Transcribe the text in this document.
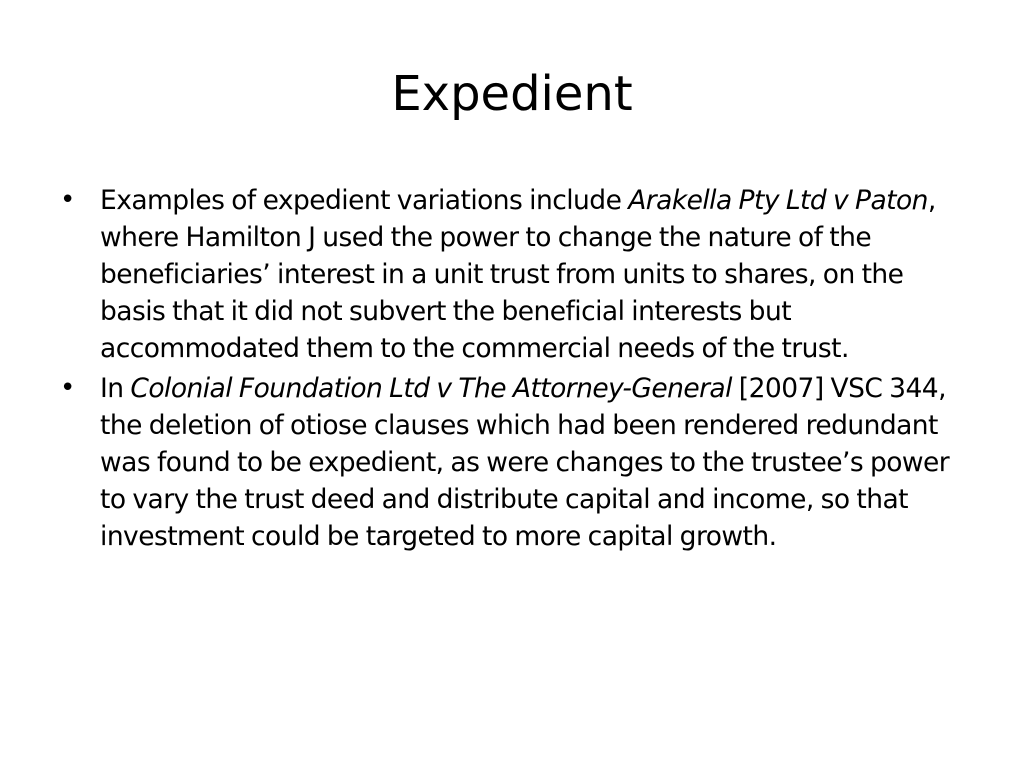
Expedient
• Examples of expedient variations include Arakella Pty Ltd v Paton, where Hamilton J used the power to change the nature of the beneficiaries’ interest in a unit trust from units to shares, on the basis that it did not subvert the beneficial interests but accommodated them to the commercial needs of the trust.
• In Colonial Foundation Ltd v The Attorney-General [2007] VSC 344, the deletion of otiose clauses which had been rendered redundant was found to be expedient, as were changes to the trustee’s power to vary the trust deed and distribute capital and income, so that investment could be targeted to more capital growth.
